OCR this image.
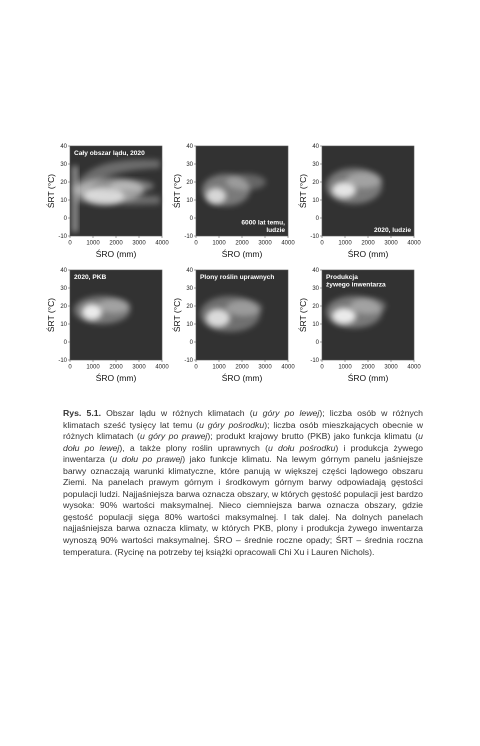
40
30
20
10
0
-10
0 1000 2000 3000 4000
ŚRO (mm)
ŚRT (°C)
Cały obszar lądu, 2020
40
30
20
10
0
-10
0 1000 2000 3000 4000
ŚRO (mm)
ŚRT (°C)
6000 lat temu,
ludzie
40
30
20
10
0
-10
0 1000 2000 3000 4000
ŚRO (mm)
ŚRT (°C)
2020, ludzie
40
30
20
10
0
-10
0 1000 2000 3000 4000
ŚRO (mm)
ŚRT (°C)
2020, PKB
40
30
20
10
0
-10
0 1000 2000 3000 4000
ŚRO (mm)
ŚRT (°C)
Plony roślin uprawnych
40
30
20
10
0
-10
0 1000 2000 3000 4000
ŚRO (mm)
ŚRT (°C)
Produkcja
żywego inwentarza

Rys. 5.1. Obszar lądu w różnych klimatach (u góry po lewej); liczba osób w różnych klimatach sześć tysięcy lat temu (u góry pośrodku); liczba osób mieszkających obecnie w różnych klimatach (u góry po prawej); produkt krajowy brutto (PKB) jako funkcja klimatu (u dołu po lewej), a także plony roślin uprawnych (u dołu pośrodku) i produkcja żywego inwentarza (u dołu po prawej) jako funkcje klimatu. Na lewym górnym panelu jaśniejsze barwy oznaczają warunki klimatyczne, które panują w większej części lądowego obszaru Ziemi. Na panelach prawym górnym i środkowym górnym barwy odpowiadają gęstości populacji ludzi. Najjaśniejsza barwa oznacza obszary, w których gęstość populacji jest bardzo wysoka: 90% wartości maksymalnej. Nieco ciemniejsza barwa oznacza obszary, gdzie gęstość populacji sięga 80% wartości maksymalnej. I tak dalej. Na dolnych panelach najjaśniejsza barwa oznacza klimaty, w których PKB, plony i produkcja żywego inwentarza wynoszą 90% wartości maksymalnej. ŚRO – średnie roczne opady; ŚRT – średnia roczna temperatura. (Rycinę na potrzeby tej książki opracowali Chi Xu i Lauren Nichols).
